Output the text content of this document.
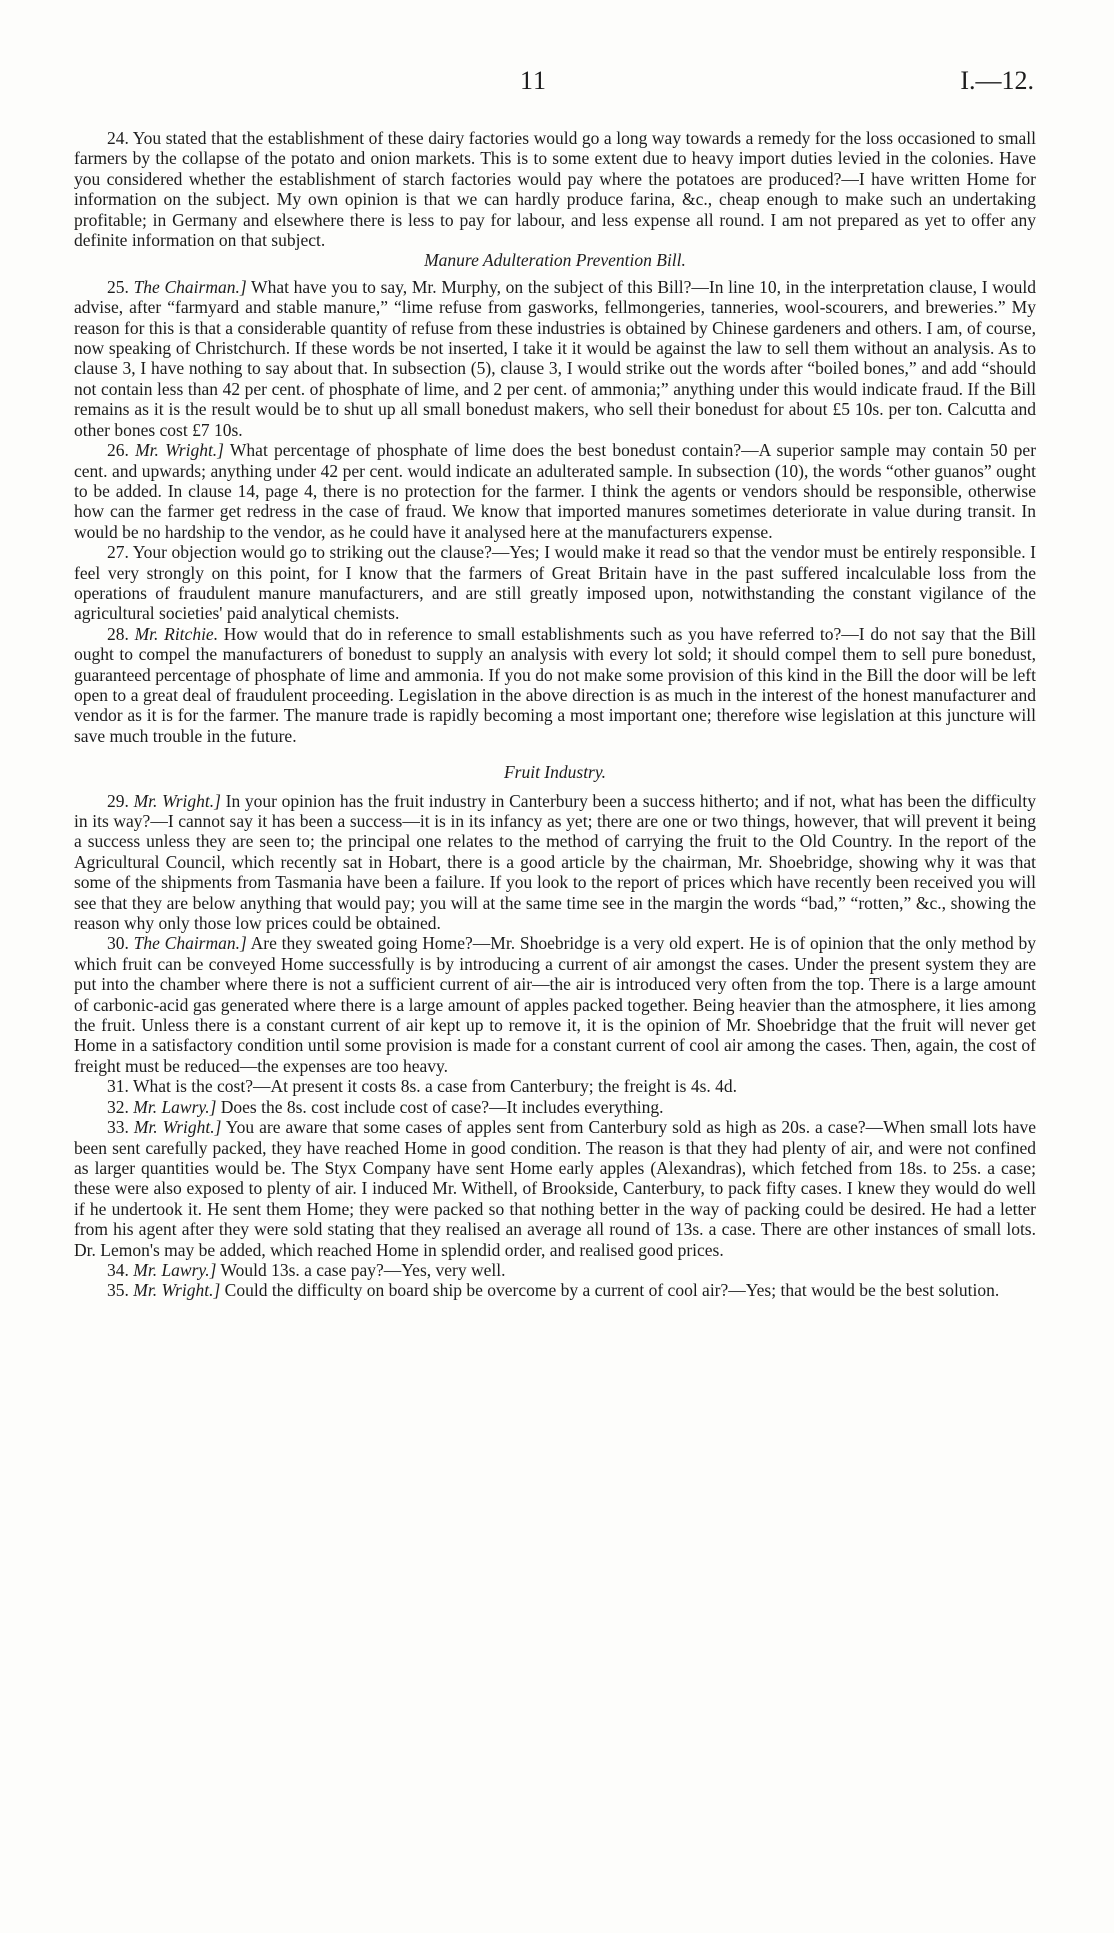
11	I.—12.

24. You stated that the establishment of these dairy factories would go a long way towards a remedy for the loss occasioned to small farmers by the collapse of the potato and onion markets. This is to some extent due to heavy import duties levied in the colonies. Have you considered whether the establishment of starch factories would pay where the potatoes are produced?—I have written Home for information on the subject. My own opinion is that we can hardly produce farina, &c., cheap enough to make such an undertaking profitable; in Germany and elsewhere there is less to pay for labour, and less expense all round. I am not prepared as yet to offer any definite information on that subject.

Manure Adulteration Prevention Bill.

25. The Chairman.] What have you to say, Mr. Murphy, on the subject of this Bill?—In line 10, in the interpretation clause, I would advise, after “farmyard and stable manure,” “lime refuse from gasworks, fellmongeries, tanneries, wool-scourers, and breweries.” My reason for this is that a considerable quantity of refuse from these industries is obtained by Chinese gardeners and others. I am, of course, now speaking of Christchurch. If these words be not inserted, I take it it would be against the law to sell them without an analysis. As to clause 3, I have nothing to say about that. In subsection (5), clause 3, I would strike out the words after “boiled bones,” and add “should not contain less than 42 per cent. of phosphate of lime, and 2 per cent. of ammonia;” anything under this would indicate fraud. If the Bill remains as it is the result would be to shut up all small bonedust makers, who sell their bonedust for about £5 10s. per ton. Calcutta and other bones cost £7 10s.

26. Mr. Wright.] What percentage of phosphate of lime does the best bonedust contain?—A superior sample may contain 50 per cent. and upwards; anything under 42 per cent. would indicate an adulterated sample. In subsection (10), the words “other guanos” ought to be added. In clause 14, page 4, there is no protection for the farmer. I think the agents or vendors should be responsible, otherwise how can the farmer get redress in the case of fraud. We know that imported manures sometimes deteriorate in value during transit. In would be no hardship to the vendor, as he could have it analysed here at the manufacturers expense.

27. Your objection would go to striking out the clause?—Yes; I would make it read so that the vendor must be entirely responsible. I feel very strongly on this point, for I know that the farmers of Great Britain have in the past suffered incalculable loss from the operations of fraudulent manure manufacturers, and are still greatly imposed upon, notwithstanding the constant vigilance of the agricultural societies' paid analytical chemists.

28. Mr. Ritchie. How would that do in reference to small establishments such as you have referred to?—I do not say that the Bill ought to compel the manufacturers of bonedust to supply an analysis with every lot sold; it should compel them to sell pure bonedust, guaranteed percentage of phosphate of lime and ammonia. If you do not make some provision of this kind in the Bill the door will be left open to a great deal of fraudulent proceeding. Legislation in the above direction is as much in the interest of the honest manufacturer and vendor as it is for the farmer. The manure trade is rapidly becoming a most important one; therefore wise legislation at this juncture will save much trouble in the future.

Fruit Industry.

29. Mr. Wright.] In your opinion has the fruit industry in Canterbury been a success hitherto; and if not, what has been the difficulty in its way?—I cannot say it has been a success—it is in its infancy as yet; there are one or two things, however, that will prevent it being a success unless they are seen to; the principal one relates to the method of carrying the fruit to the Old Country. In the report of the Agricultural Council, which recently sat in Hobart, there is a good article by the chairman, Mr. Shoebridge, showing why it was that some of the shipments from Tasmania have been a failure. If you look to the report of prices which have recently been received you will see that they are below anything that would pay; you will at the same time see in the margin the words “bad,” “rotten,” &c., showing the reason why only those low prices could be obtained.

30. The Chairman.] Are they sweated going Home?—Mr. Shoebridge is a very old expert. He is of opinion that the only method by which fruit can be conveyed Home successfully is by introducing a current of air amongst the cases. Under the present system they are put into the chamber where there is not a sufficient current of air—the air is introduced very often from the top. There is a large amount of carbonic-acid gas generated where there is a large amount of apples packed together. Being heavier than the atmosphere, it lies among the fruit. Unless there is a constant current of air kept up to remove it, it is the opinion of Mr. Shoebridge that the fruit will never get Home in a satisfactory condition until some provision is made for a constant current of cool air among the cases. Then, again, the cost of freight must be reduced—the expenses are too heavy.

31. What is the cost?—At present it costs 8s. a case from Canterbury; the freight is 4s. 4d.

32. Mr. Lawry.] Does the 8s. cost include cost of case?—It includes everything.

33. Mr. Wright.] You are aware that some cases of apples sent from Canterbury sold as high as 20s. a case?—When small lots have been sent carefully packed, they have reached Home in good condition. The reason is that they had plenty of air, and were not confined as larger quantities would be. The Styx Company have sent Home early apples (Alexandras), which fetched from 18s. to 25s. a case; these were also exposed to plenty of air. I induced Mr. Withell, of Brookside, Canterbury, to pack fifty cases. I knew they would do well if he undertook it. He sent them Home; they were packed so that nothing better in the way of packing could be desired. He had a letter from his agent after they were sold stating that they realised an average all round of 13s. a case. There are other instances of small lots. Dr. Lemon's may be added, which reached Home in splendid order, and realised good prices.

34. Mr. Lawry.] Would 13s. a case pay?—Yes, very well.

35. Mr. Wright.] Could the difficulty on board ship be overcome by a current of cool air?—Yes; that would be the best solution.
